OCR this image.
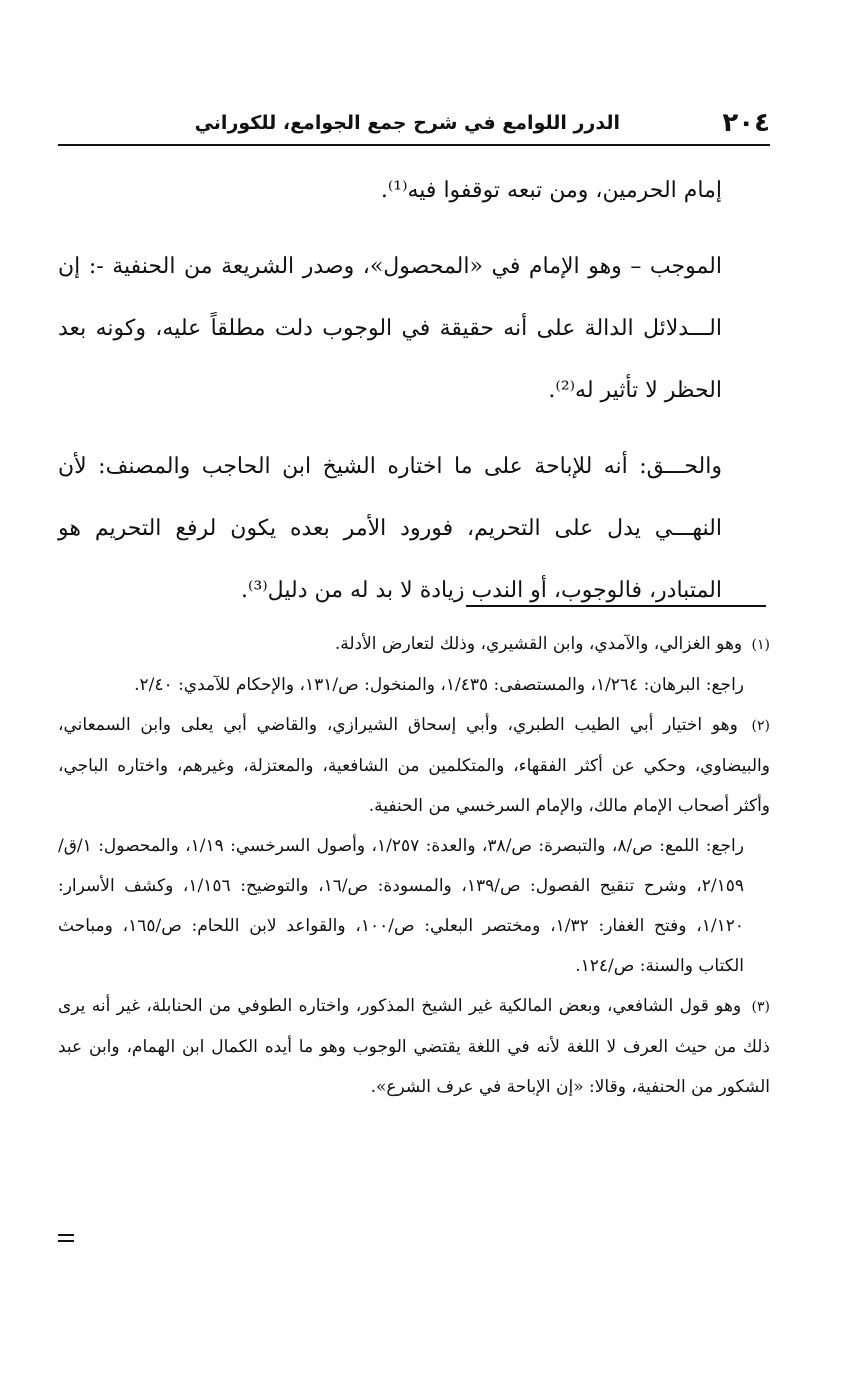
٢٠٤
الدرر اللوامع في شرح جمع الجوامع، للكوراني

إمام الحرمين، ومن تبعه توقفوا فيه⁽¹⁾.

الموجب – وهو الإمام في «المحصول»، وصدر الشريعة من الحنفية -: إن الـــدلائل الدالة على أنه حقيقة في الوجوب دلت مطلقاً عليه، وكونه بعد الحظر لا تأثير له⁽²⁾.

والحـــق: أنه للإباحة على ما اختاره الشيخ ابن الحاجب والمصنف: لأن النهـــي يدل على التحريم، فورود الأمر بعده يكون لرفع التحريم هو المتبادر، فالوجوب، أو الندب زيادة لا بد له من دليل⁽³⁾.

(١) وهو الغزالي، والآمدي، وابن القشيري، وذلك لتعارض الأدلة.

راجع: البرهان: ١/٢٦٤، والمستصفى: ١/٤٣٥، والمنخول: ص/١٣١، والإحكام للآمدي: ٢/٤٠.

(٢) وهو اختيار أبي الطيب الطبري، وأبي إسحاق الشيرازي، والقاضي أبي يعلى وابن السمعاني، والبيضاوي، وحكي عن أكثر الفقهاء، والمتكلمين من الشافعية، والمعتزلة، وغيرهم، واختاره الباجي، وأكثر أصحاب الإمام مالك، والإمام السرخسي من الحنفية.

راجع: اللمع: ص/٨، والتبصرة: ص/٣٨، والعدة: ١/٢٥٧، وأصول السرخسي: ١/١٩، والمحصول: ١/ق/٢/١٥٩، وشرح تنقيح الفصول: ص/١٣٩، والمسودة: ص/١٦، والتوضيح: ١/١٥٦، وكشف الأسرار: ١/١٢٠، وفتح الغفار: ١/٣٢، ومختصر البعلي: ص/١٠٠، والقواعد لابن اللحام: ص/١٦٥، ومباحث الكتاب والسنة: ص/١٢٤.

(٣) وهو قول الشافعي، وبعض المالكية غير الشيخ المذكور، واختاره الطوفي من الحنابلة، غير أنه يرى ذلك من حيث العرف لا اللغة لأنه في اللغة يقتضي الوجوب وهو ما أيده الكمال ابن الهمام، وابن عبد الشكور من الحنفية، وقالا: «إن الإباحة في عرف الشرع».
